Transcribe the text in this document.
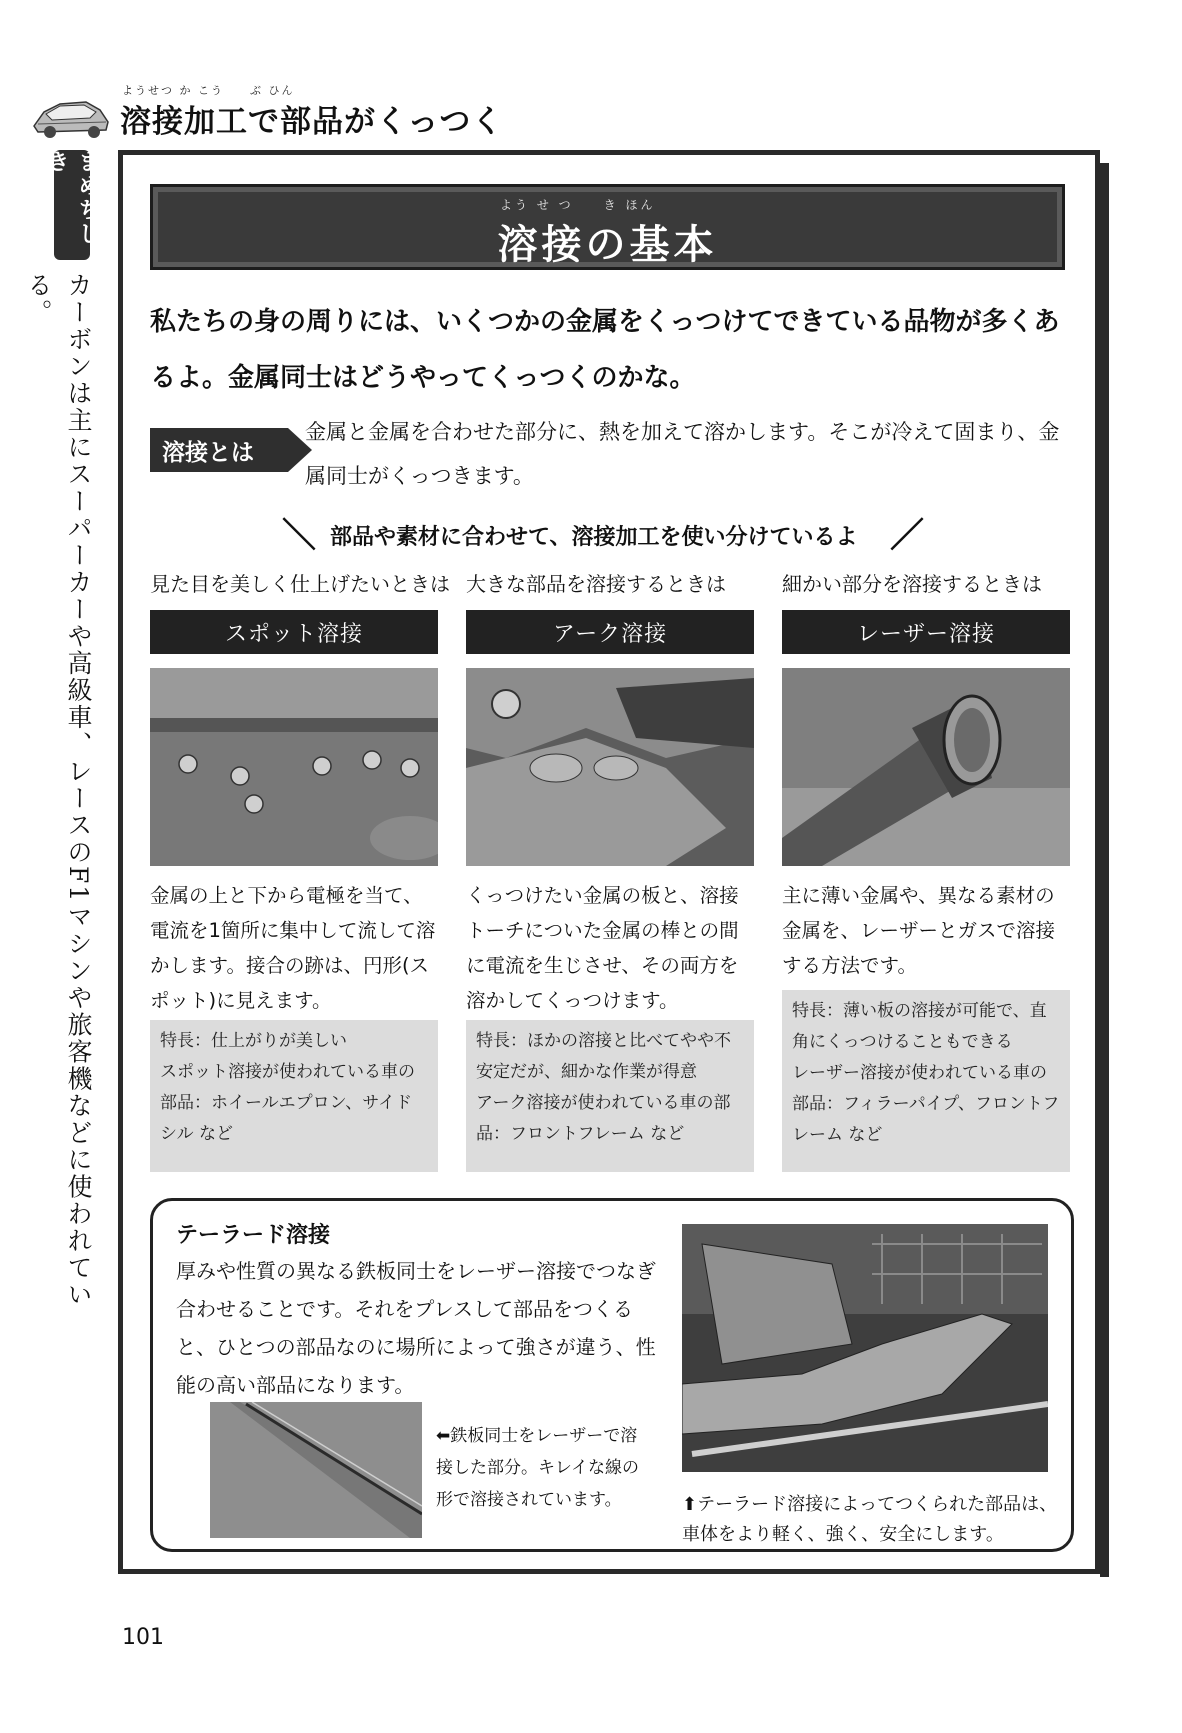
ようせつ か こう　　ぶ ひん
溶接加工で部品がくっつく
まめちしき
カーボンは主にスーパーカーや高級車、レースのF1マシンや旅客機などに使われている。
よう せ つ　　き ほん
溶接の基本
私たちの身の周りには、いくつかの金属をくっつけてできている品物が多くあるよ。金属同士はどうやってくっつくのかな。
溶接とは
金属と金属を合わせた部分に、熱を加えて溶かします。そこが冷えて固まり、金属同士がくっつきます。
＼ 部品や素材に合わせて、溶接加工を使い分けているよ ／
見た目を美しく仕上げたいときは
スポット溶接
金属の上と下から電極を当て、電流を1箇所に集中して流して溶かします。接合の跡は、円形(スポット)に見えます。
特長：仕上がりが美しい
スポット溶接が使われている車の部品：ホイールエプロン、サイドシル など
大きな部品を溶接するときは
アーク溶接
くっつけたい金属の板と、溶接トーチについた金属の棒との間に電流を生じさせ、その両方を溶かしてくっつけます。
特長：ほかの溶接と比べてやや不安定だが、細かな作業が得意
アーク溶接が使われている車の部品：フロントフレーム など
細かい部分を溶接するときは
レーザー溶接
主に薄い金属や、異なる素材の金属を、レーザーとガスで溶接する方法です。
特長：薄い板の溶接が可能で、直角にくっつけることもできる
レーザー溶接が使われている車の部品：フィラーパイプ、フロントフレーム など
テーラード溶接
厚みや性質の異なる鉄板同士をレーザー溶接でつなぎ合わせることです。それをプレスして部品をつくると、ひとつの部品なのに場所によって強さが違う、性能の高い部品になります。
⬅鉄板同士をレーザーで溶接した部分。キレイな線の形で溶接されています。	⬆テーラード溶接によってつくられた部品は、車体をより軽く、強く、安全にします。
101
